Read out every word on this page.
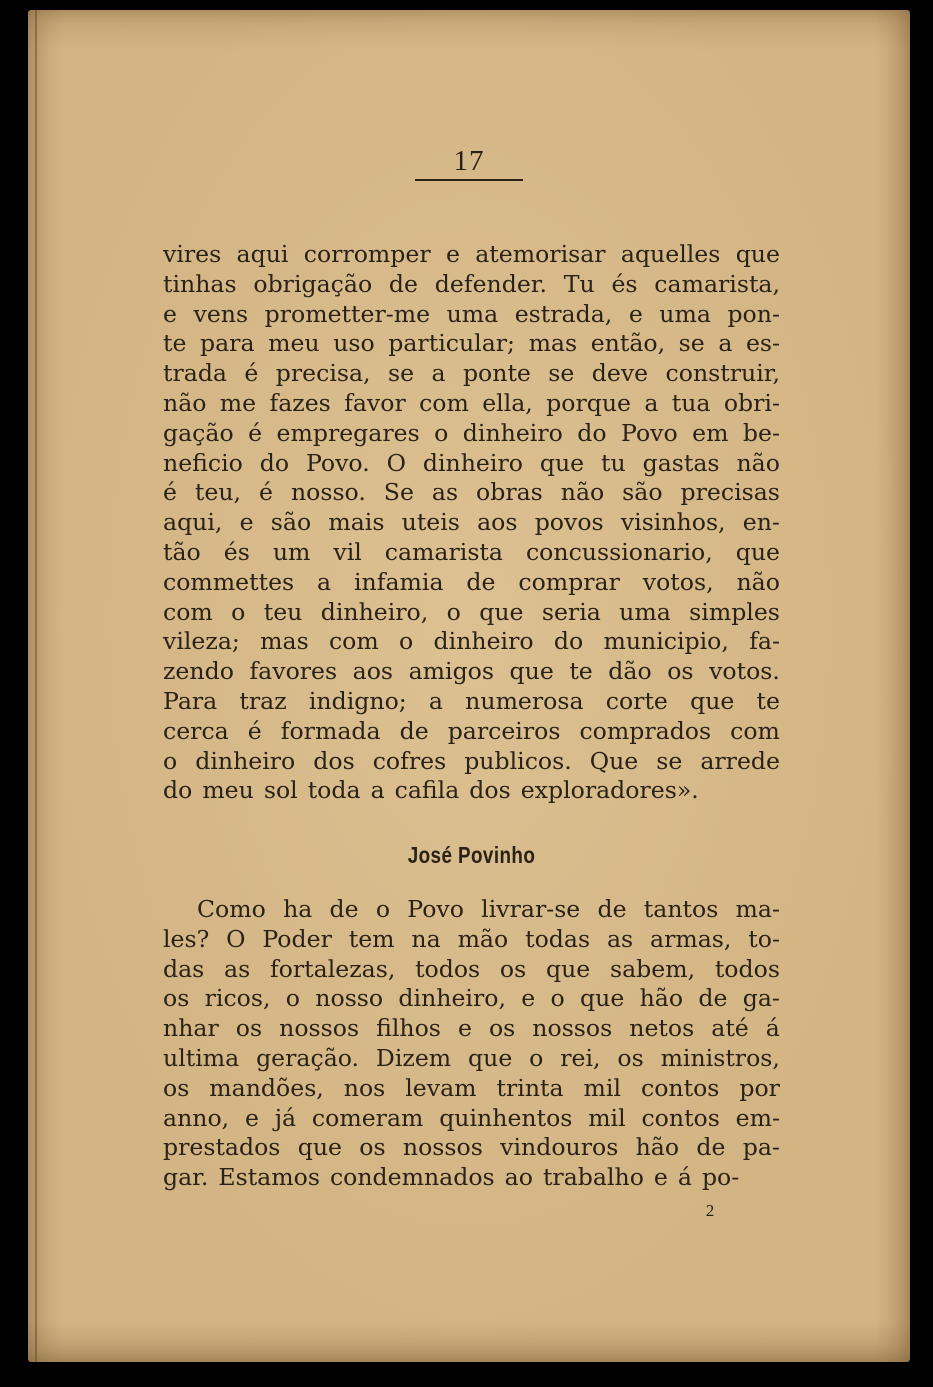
17
vires aqui corromper e atemorisar aquelles que
tinhas obrigação de defender. Tu és camarista,
e vens prometter-me uma estrada, e uma pon-
te para meu uso particular; mas então, se a es-
trada é precisa, se a ponte se deve construir,
não me fazes favor com ella, porque a tua obri-
gação é empregares o dinheiro do Povo em be-
neficio do Povo. O dinheiro que tu gastas não
é teu, é nosso. Se as obras não são precisas
aqui, e são mais uteis aos povos visinhos, en-
tão és um vil camarista concussionario, que
commettes a infamia de comprar votos, não
com o teu dinheiro, o que seria uma simples
vileza; mas com o dinheiro do municipio, fa-
zendo favores aos amigos que te dão os votos.
Para traz indigno; a numerosa corte que te
cerca é formada de parceiros comprados com
o dinheiro dos cofres publicos. Que se arrede
do meu sol toda a cafila dos exploradores».
José Povinho
Como ha de o Povo livrar-se de tantos ma-
les? O Poder tem na mão todas as armas, to-
das as fortalezas, todos os que sabem, todos
os ricos, o nosso dinheiro, e o que hão de ga-
nhar os nossos filhos e os nossos netos até á
ultima geração. Dizem que o rei, os ministros,
os mandões, nos levam trinta mil contos por
anno, e já comeram quinhentos mil contos em-
prestados que os nossos vindouros hão de pa-
gar. Estamos condemnados ao trabalho e á po-
2
